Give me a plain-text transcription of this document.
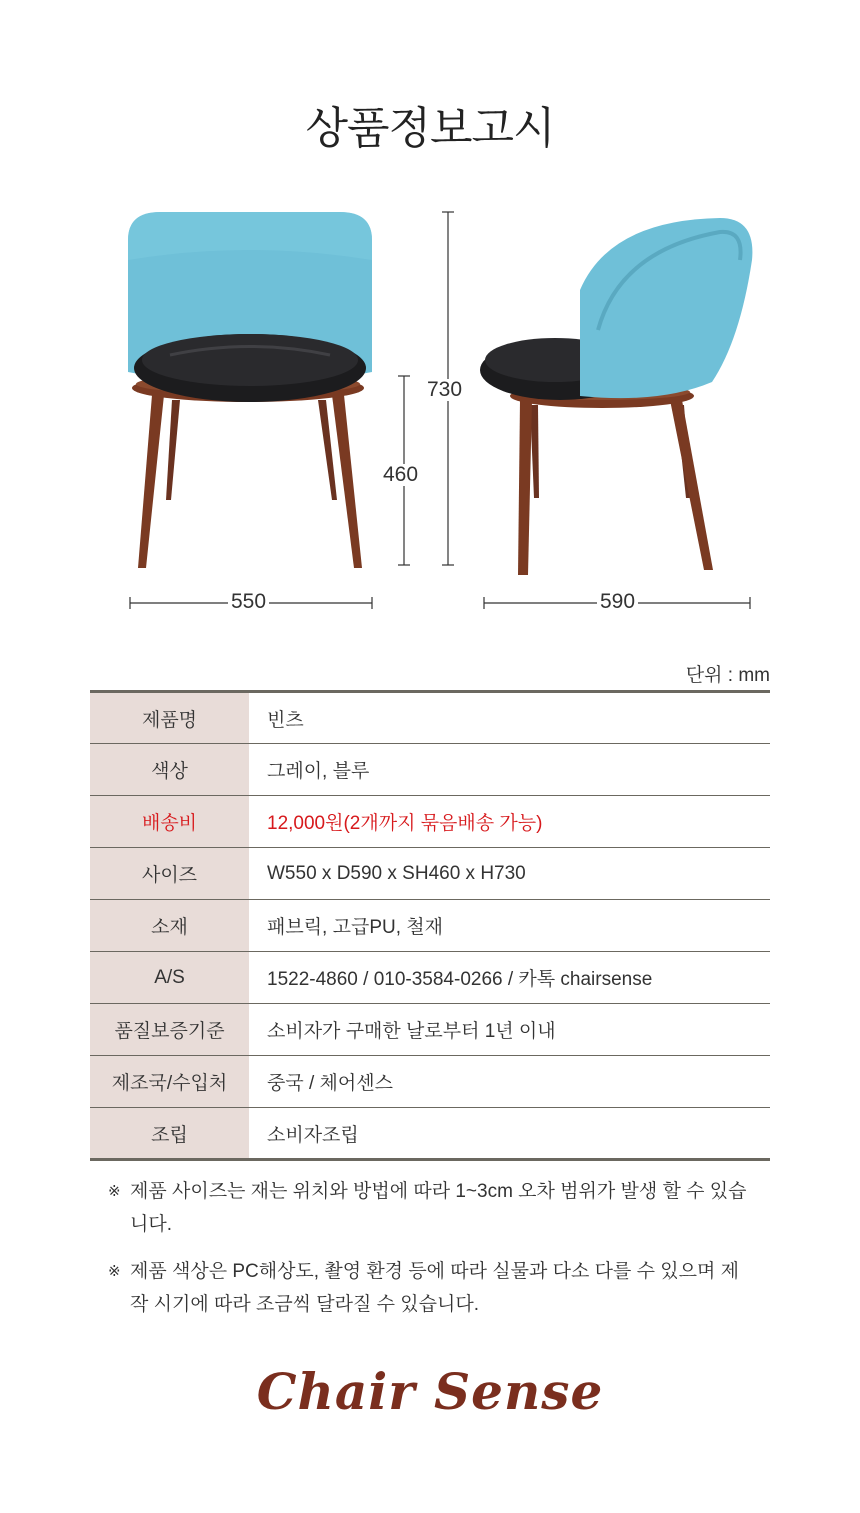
상품정보고시
730
460
550	590
단위 : mm
제품명	빈츠
색상	그레이, 블루
배송비	12,000원(2개까지 묶음배송 가능)
사이즈	W550 x D590 x SH460 x H730
소재	패브릭, 고급PU, 철재
A/S	1522-4860 / 010-3584-0266 / 카톡 chairsense
품질보증기준	소비자가 구매한 날로부터 1년 이내
제조국/수입처	중국 / 체어센스
조립	소비자조립
※ 제품 사이즈는 재는 위치와 방법에 따라 1~3cm 오차 범위가 발생 할 수 있습니다.
※ 제품 색상은 PC해상도, 촬영 환경 등에 따라 실물과 다소 다를 수 있으며 제작 시기에 따라 조금씩 달라질 수 있습니다.
Chair Sense
